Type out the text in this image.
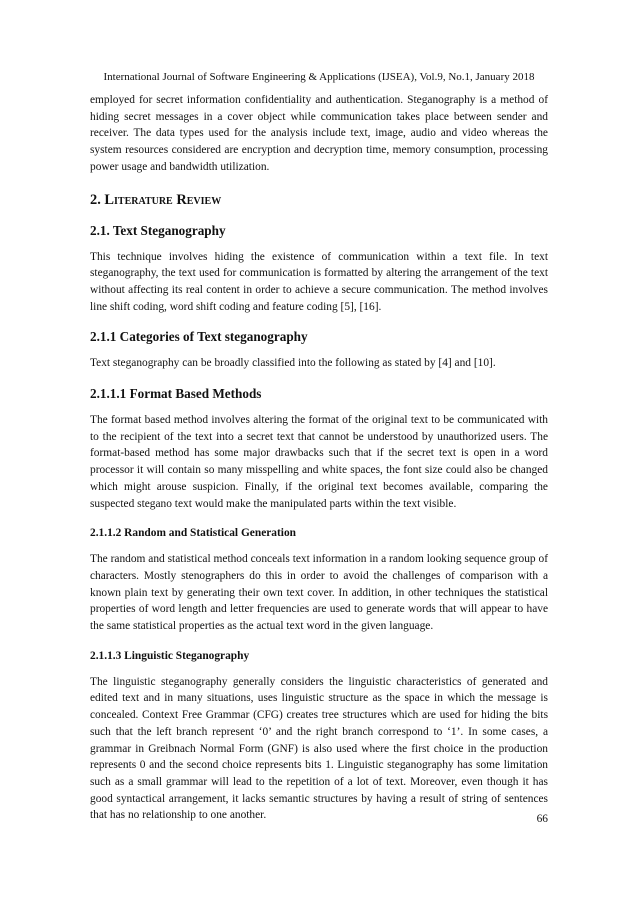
International Journal of Software Engineering & Applications (IJSEA), Vol.9, No.1, January 2018

employed for secret information confidentiality and authentication. Steganography is a method of hiding secret messages in a cover object while communication takes place between sender and receiver. The data types used for the analysis include text, image, audio and video whereas the system resources considered are encryption and decryption time, memory consumption, processing power usage and bandwidth utilization.

2. Literature Review
2.1. Text Steganography

This technique involves hiding the existence of communication within a text file. In text steganography, the text used for communication is formatted by altering the arrangement of the text without affecting its real content in order to achieve a secure communication. The method involves line shift coding, word shift coding and feature coding [5], [16].

2.1.1 Categories of Text steganography

Text steganography can be broadly classified into the following as stated by [4] and [10].

2.1.1.1 Format Based Methods

The format based method involves altering the format of the original text to be communicated with to the recipient of the text into a secret text that cannot be understood by unauthorized users. The format-based method has some major drawbacks such that if the secret text is open in a word processor it will contain so many misspelling and white spaces, the font size could also be changed which might arouse suspicion. Finally, if the original text becomes available, comparing the suspected stegano text would make the manipulated parts within the text visible.

2.1.1.2 Random and Statistical Generation

The random and statistical method conceals text information in a random looking sequence group of characters. Mostly stenographers do this in order to avoid the challenges of comparison with a known plain text by generating their own text cover. In addition, in other techniques the statistical properties of word length and letter frequencies are used to generate words that will appear to have the same statistical properties as the actual text word in the given language.

2.1.1.3 Linguistic Steganography

The linguistic steganography generally considers the linguistic characteristics of generated and edited text and in many situations, uses linguistic structure as the space in which the message is concealed. Context Free Grammar (CFG) creates tree structures which are used for hiding the bits such that the left branch represent ‘0’ and the right branch correspond to ‘1’. In some cases, a grammar in Greibnach Normal Form (GNF) is also used where the first choice in the production represents 0 and the second choice represents bits 1. Linguistic steganography has some limitation such as a small grammar will lead to the repetition of a lot of text. Moreover, even though it has good syntactical arrangement, it lacks semantic structures by having a result of string of sentences that has no relationship to one another.	66
